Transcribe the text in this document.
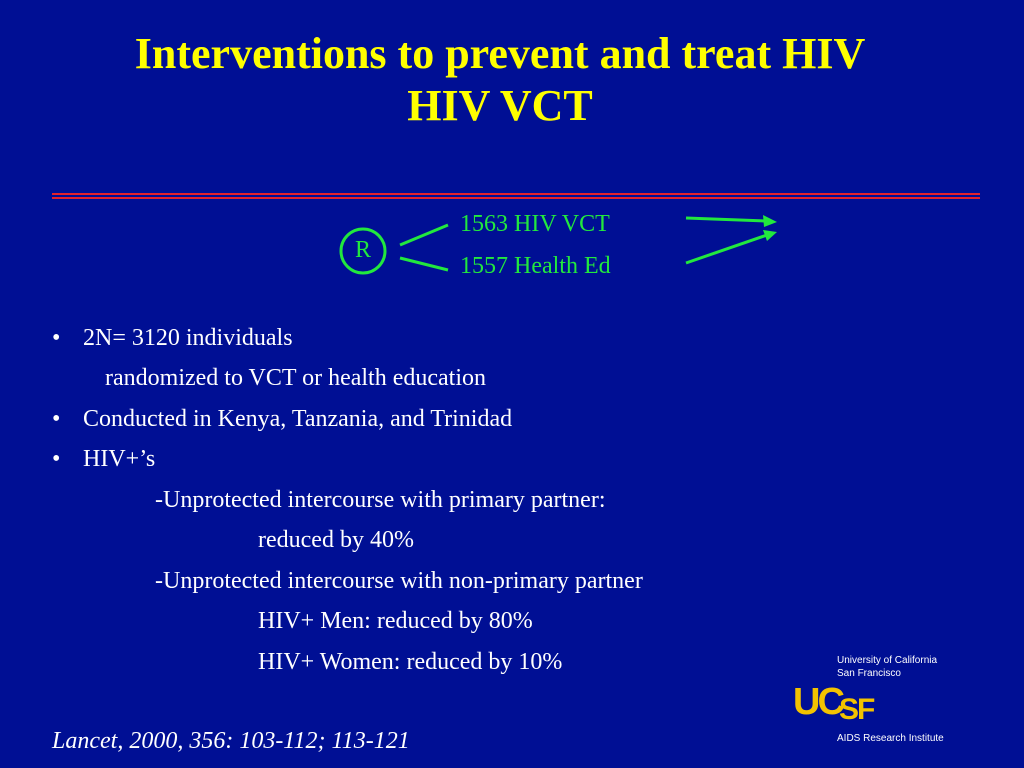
Interventions to prevent and treat HIV
HIV VCT
R
1563 HIV VCT
1557 Health Ed
• 2N= 3120 individuals
randomized to VCT or health education
• Conducted in Kenya, Tanzania, and Trinidad
• HIV+’s
-Unprotected intercourse with primary partner:
reduced by 40%
-Unprotected intercourse with non-primary partner
HIV+ Men: reduced by 80%
HIV+ Women: reduced by 10%
Lancet, 2000, 356: 103-112; 113-121
University of California
San Francisco
UC
SF
AIDS Research Institute
